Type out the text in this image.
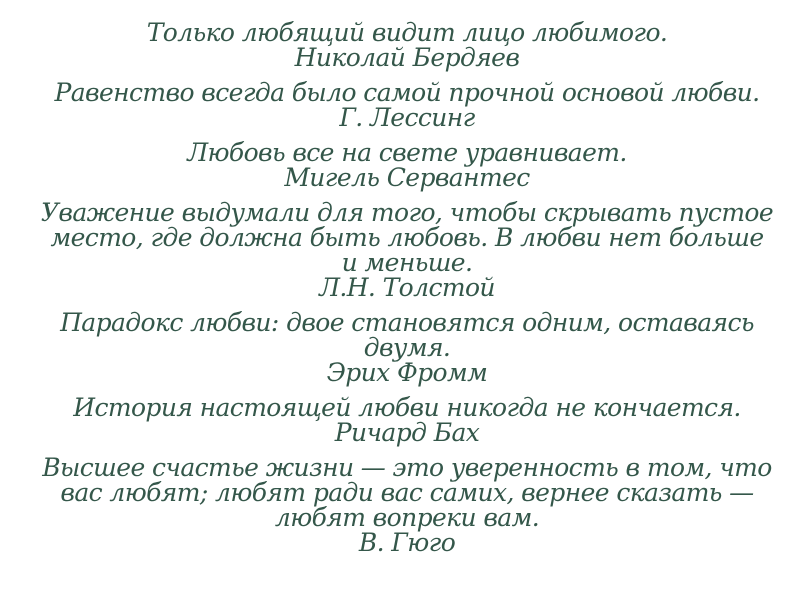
Только любящий видит лицо любимого.
Николай Бердяев
Равенство всегда было самой прочной основой любви.
Г. Лессинг
Любовь все на свете уравнивает.
Мигель Сервантес
Уважение выдумали для того, чтобы скрывать пустое место, где должна быть любовь. В любви нет больше и меньше.
Л.Н. Толстой
Парадокс любви: двое становятся одним, оставаясь двумя.
Эрих Фромм
История настоящей любви никогда не кончается.
Ричард Бах
Высшее счастье жизни — это уверенность в том, что вас любят; любят ради вас самих, вернее сказать — любят вопреки вам.
В. Гюго
